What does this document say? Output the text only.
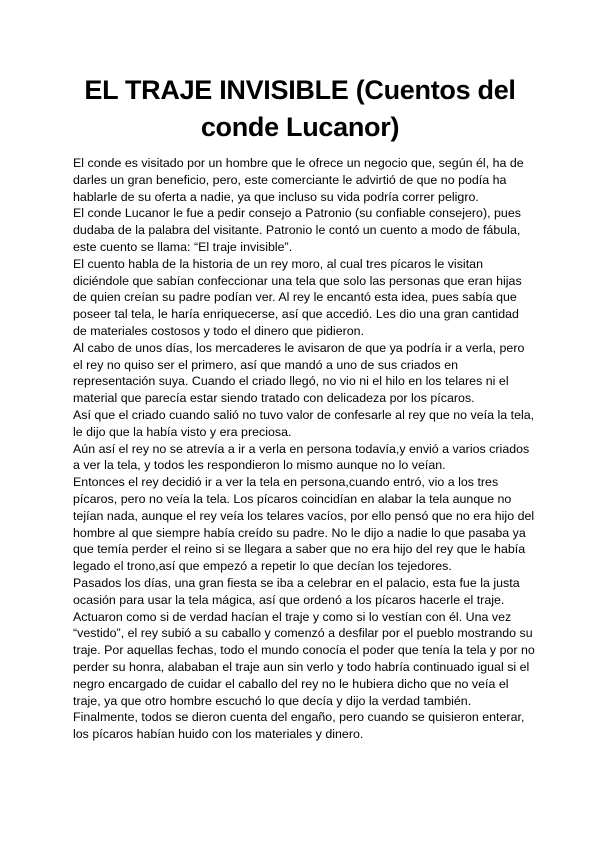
EL TRAJE INVISIBLE (Cuentos del conde Lucanor)

El conde es visitado por un hombre que le ofrece un negocio que, según él, ha de darles un gran beneficio, pero, este comerciante le advirtió de que no podía ha hablarle de su oferta a nadie, ya que incluso su vida podría correr peligro.

El conde Lucanor le fue a pedir consejo a Patronio (su confiable consejero), pues dudaba de la palabra del visitante. Patronio le contó un cuento a modo de fábula, este cuento se llama: “El traje invisible”.

El cuento habla de la historia de un rey moro, al cual tres pícaros le visitan diciéndole que sabían confeccionar una tela que solo las personas que eran hijas de quien creían su padre podían ver. Al rey le encantó esta idea, pues sabía que poseer tal tela, le haría enriquecerse, así que accedió. Les dio una gran cantidad de materiales costosos y todo el dinero que pidieron.

Al cabo de unos días, los mercaderes le avisaron de que ya podría ir a verla, pero el rey no quiso ser el primero, así que mandó a uno de sus criados en representación suya. Cuando el criado llegó, no vio ni el hilo en los telares ni el material que parecía estar siendo tratado con delicadeza por los pícaros.

Así que el criado cuando salió no tuvo valor de confesarle al rey que no veía la tela, le dijo que la había visto y era preciosa.

Aún así el rey no se atrevía a ir a verla en persona todavía,y envió a varios criados a ver la tela, y todos les respondieron lo mismo aunque no lo veían.

Entonces el rey decidió ir a ver la tela en persona,cuando entró, vio a los tres pícaros, pero no veía la tela. Los pícaros coincidían en alabar la tela aunque no tejían nada, aunque el rey veía los telares vacíos, por ello pensó que no era hijo del hombre al que siempre había creído su padre. No le dijo a nadie lo que pasaba ya que temía perder el reino si se llegara a saber que no era hijo del rey que le había legado el trono,así que empezó a repetir lo que decían los tejedores.

Pasados los días, una gran fiesta se iba a celebrar en el palacio, esta fue la justa ocasión para usar la tela mágica, así que ordenó a los pícaros hacerle el traje.

Actuaron como si de verdad hacían el traje y como si lo vestían con él. Una vez “vestido”, el rey subió a su caballo y comenzó a desfilar por el pueblo mostrando su traje. Por aquellas fechas, todo el mundo conocía el poder que tenía la tela y por no perder su honra, alababan el traje aun sin verlo y todo habría continuado igual si el negro encargado de cuidar el caballo del rey no le hubiera dicho que no veía el traje, ya que otro hombre escuchó lo que decía y dijo la verdad también. Finalmente, todos se dieron cuenta del engaño, pero cuando se quisieron enterar, los pícaros habían huido con los materiales y dinero.
